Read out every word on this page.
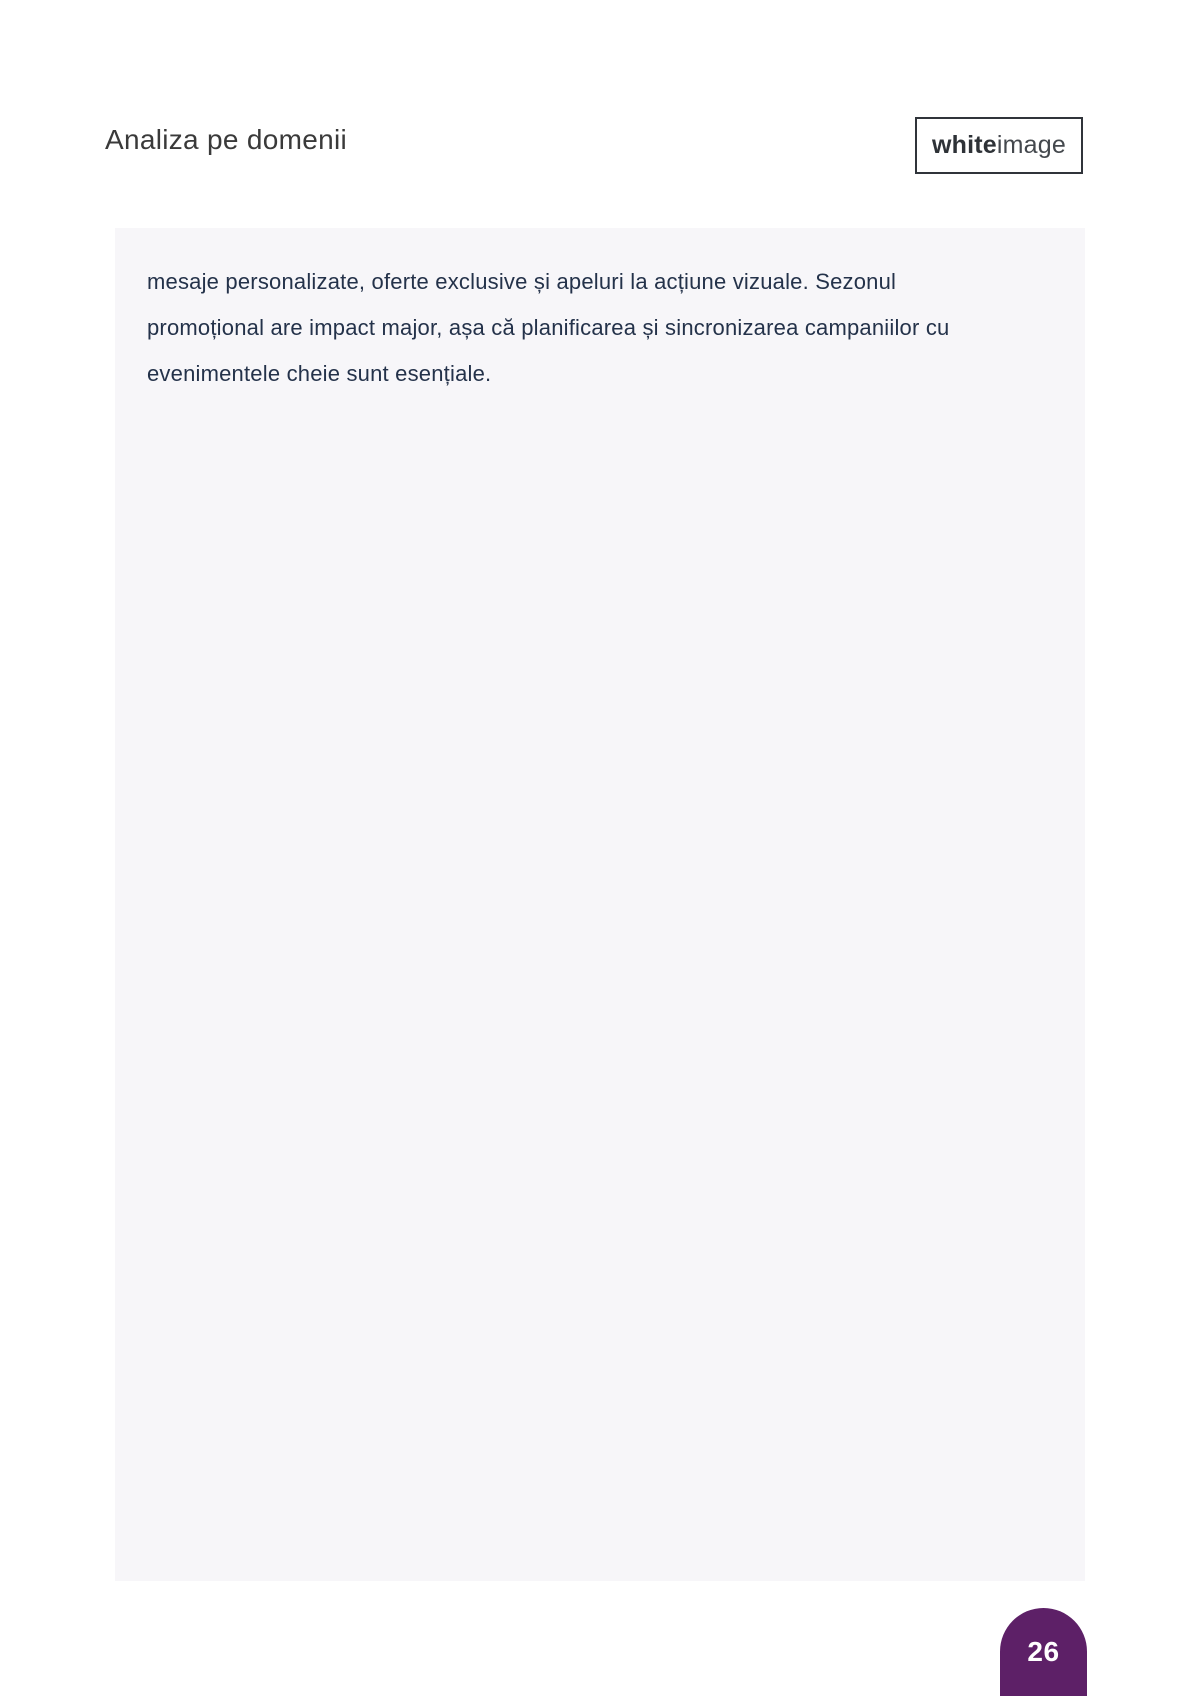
Analiza pe domenii	white image
mesaje personalizate, oferte exclusive și apeluri la acțiune vizuale. Sezonul
promoțional are impact major, așa că planificarea și sincronizarea campaniilor cu
evenimentele cheie sunt esențiale.
26
